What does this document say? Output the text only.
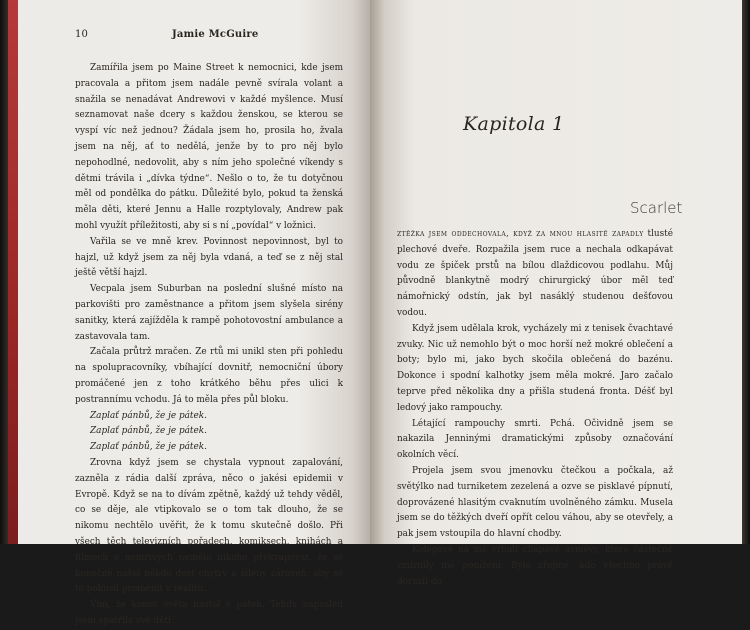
10	Jamie McGuire

Zamířila jsem po Maine Street k nemocnici, kde jsem pracovala a přitom jsem nadále pevně svírala volant a snažila se nenadávat Andrewovi v každé myšlence. Musí seznamovat naše dcery s každou ženskou, se kterou se vyspí víc než jednou? Žádala jsem ho, prosila ho, žvala jsem na něj, ať to nedělá, jenže by to pro něj bylo nepohodlné, nedovolit, aby s ním jeho společné víkendy s dětmi trávila i „dívka týdne“. Nešlo o to, že tu dotyčnou měl od pondělka do pátku. Důležité bylo, pokud ta ženská měla děti, které Jennu a Halle rozptylovaly, Andrew pak mohl využít příležitosti, aby si s ní „povídal“ v ložnici.

Vařila se ve mně krev. Povinnost nepovinnost, byl to hajzl, už když jsem za něj byla vdaná, a teď se z něj stal ještě větší hajzl.

Vecpala jsem Suburban na poslední slušné místo na parkovišti pro zaměstnance a přitom jsem slyšela sirény sanitky, která zajížděla k rampě pohotovostní ambulance a zastavovala tam.

Začala průtrž mračen. Ze rtů mi unikl sten při pohledu na spolupracovníky, vbíhající dovnitř, nemocniční úbory promáčené jen z toho krátkého běhu přes ulici k postrannímu vchodu. Já to měla přes půl bloku.

Zaplať pánbů, že je pátek.

Zaplať pánbů, že je pátek.

Zaplať pánbů, že je pátek.

Zrovna když jsem se chystala vypnout zapalování, zazněla z rádia další zpráva, něco o jakési epidemii v Evropě. Když se na to dívám zpětně, každý už tehdy věděl, co se děje, ale vtipkovalo se o tom tak dlouho, že se nikomu nechtělo uvěřit, že k tomu skutečně došlo. Při všech těch televizních pořadech, komiksech, knihách a filmech o nemrtvých nemělo nikoho překvapovat, že se konečně našel někdo dost chytrý a šílený zároveň, aby se to pokusil proměnit v realitu.

Vím, že konec světa nastal v pátek. Tehdy naposled jsem spatřila své děti.

Kapitola 1
Scarlet

ztěžka jsem oddechovala, když za mnou hlasitě zapadly tlusté plechové dveře. Rozpažila jsem ruce a nechala odkapávat vodu ze špiček prstů na bílou dlaždicovou podlahu. Můj původně blankytně modrý chirurgický úbor měl teď námořnický odstín, jak byl nasáklý studenou dešťovou vodou.

Když jsem udělala krok, vycházely mi z tenisek čvachtavé zvuky. Nic už nemohlo být o moc horší než mokré oblečení a boty; bylo mi, jako bych skočila oblečená do bazénu. Dokonce i spodní kalhotky jsem měla mokré. Jaro začalo teprve před několika dny a přišla studená fronta. Déšť byl ledový jako rampouchy.

Létající rampouchy smrti. Pchá. Očividně jsem se nakazila Jenninými dramatickými způsoby označování okolních věcí.

Projela jsem svou jmenovku čtečkou a počkala, až světýlko nad turniketem zezelená a ozve se pisklavé pípnutí, doprovázené hlasitým cvaknutím uvolněného zámku. Musela jsem se do těžkých dveří opřít celou váhou, aby se otevřely, a pak jsem vstoupila do hlavní chodby.

Kolegové na mě vrhali chápavé úsměvy, které částečně zmírnily mé ponížení. Bylo zřejmé, kdo všechno právě dorazil do
